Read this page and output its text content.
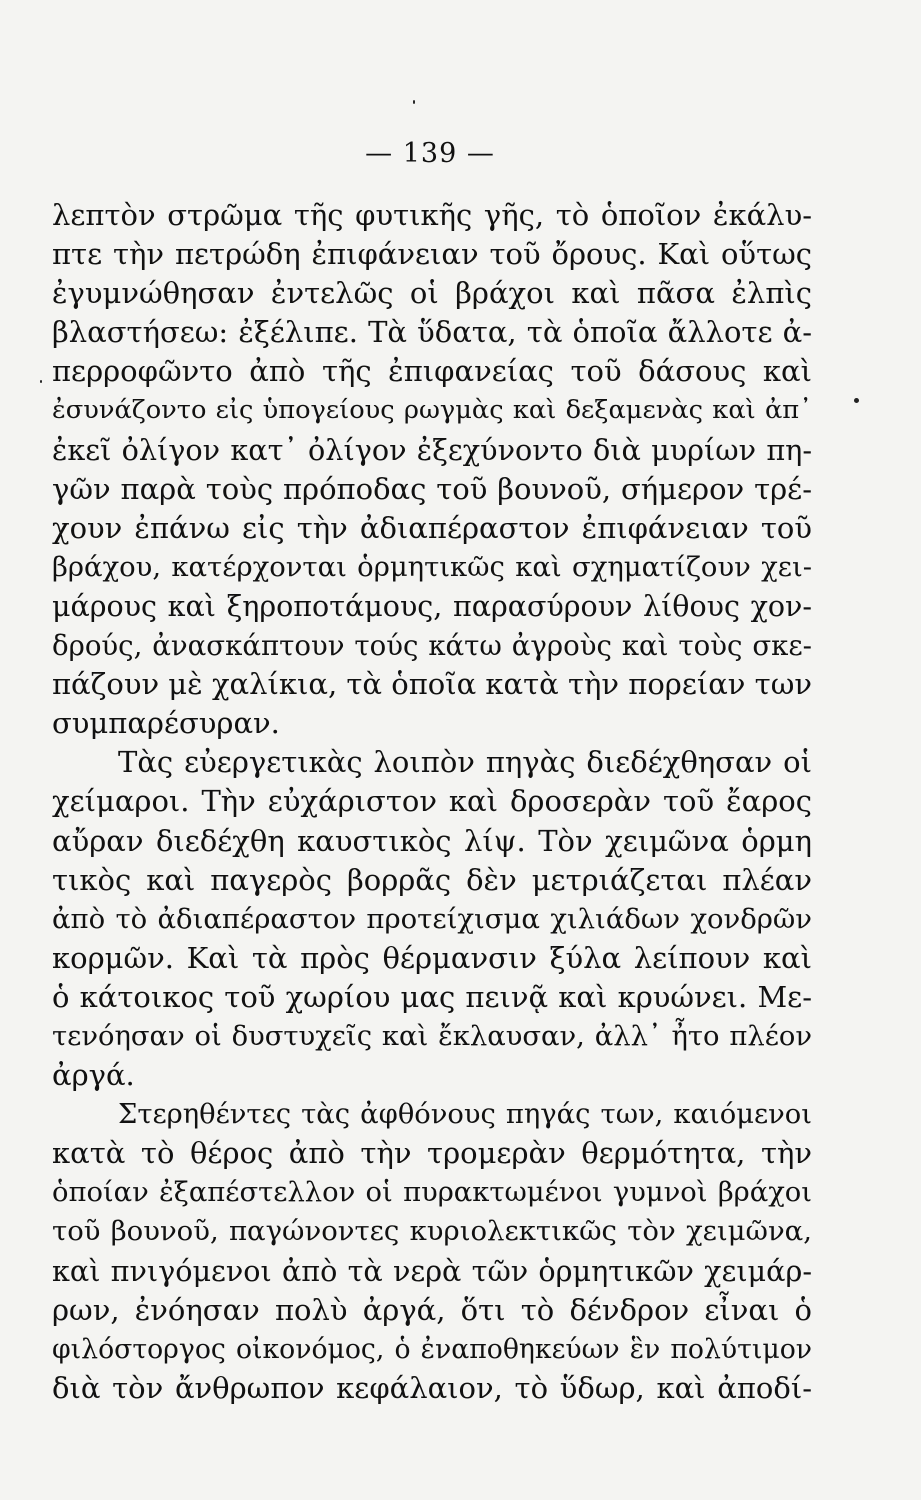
— 139 —
λεπτὸν στρῶμα τῆς φυτικῆς γῆς, τὸ ὁποῖον ἐκάλυ-
πτε τὴν πετρώδη ἐπιφάνειαν τοῦ ὄρους. Καὶ οὕτως
ἐγυμνώθησαν ἐντελῶς οἱ βράχοι καὶ πᾶσα ἐλπὶς
βλαστήσεω: ἐξέλιπε. Τὰ ὕδατα, τὰ ὁποῖα ἄλλοτε ἀ-
περροφῶντο ἀπὸ τῆς ἐπιφανείας τοῦ δάσους καὶ
ἐσυνάζοντο εἰς ὑπογείους ρωγμὰς καὶ δεξαμενὰς καὶ ἀπ᾽
ἐκεῖ ὀλίγον κατ᾽ ὀλίγον ἐξεχύνοντο διὰ μυρίων πη-
γῶν παρὰ τοὺς πρόποδας τοῦ βουνοῦ, σήμερον τρέ-
χουν ἐπάνω εἰς τὴν ἀδιαπέραστον ἐπιφάνειαν τοῦ
βράχου, κατέρχονται ὁρμητικῶς καὶ σχηματίζουν χει-
μάρους καὶ ξηροποτάμους, παρασύρουν λίθους χον-
δρούς, ἀνασκάπτουν τούς κάτω ἀγροὺς καὶ τοὺς σκε-
πάζουν μὲ χαλίκια, τὰ ὁποῖα κατὰ τὴν πορείαν των
συμπαρέσυραν.
Τὰς εὐεργετικὰς λοιπὸν πηγὰς διεδέχθησαν οἱ
χείμαροι. Τὴν εὐχάριστον καὶ δροσερὰν τοῦ ἔαρος
αὔραν διεδέχθη καυστικὸς λίψ. Τὸν χειμῶνα ὁρμη
τικὸς καὶ παγερὸς βορρᾶς δὲν μετριάζεται πλέαν
ἀπὸ τὸ ἀδιαπέραστον προτείχισμα χιλιάδων χονδρῶν
κορμῶν. Καὶ τὰ πρὸς θέρμανσιν ξύλα λείπουν καὶ
ὁ κάτοικος τοῦ χωρίου μας πεινᾷ καὶ κρυώνει. Με-
τενόησαν οἱ δυστυχεῖς καὶ ἔκλαυσαν, ἀλλ᾽ ἦτο πλέον
ἀργά.
Στερηθέντες τὰς ἀφθόνους πηγάς των, καιόμενοι
κατὰ τὸ θέρος ἀπὸ τὴν τρομερὰν θερμότητα, τὴν
ὁποίαν ἐξαπέστελλον οἱ πυρακτωμένοι γυμνοὶ βράχοι
τοῦ βουνοῦ, παγώνοντες κυριολεκτικῶς τὸν χειμῶνα,
καὶ πνιγόμενοι ἀπὸ τὰ νερὰ τῶν ὁρμητικῶν χειμάρ-
ρων, ἐνόησαν πολὺ ἀργά, ὅτι τὸ δένδρον εἶναι ὁ
φιλόστοργος οἰκονόμος, ὁ ἐναποθηκεύων ἓν πολύτιμον
διὰ τὸν ἄνθρωπον κεφάλαιον, τὸ ὕδωρ, καὶ ἀποδί-
